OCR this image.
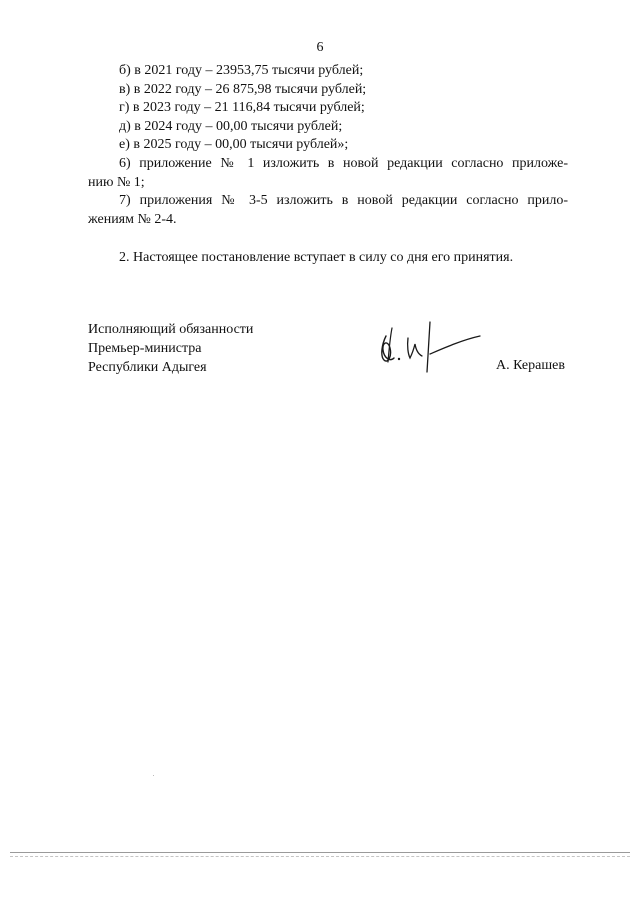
6

б) в 2021 году – 23953,75 тысячи рублей;

в) в 2022 году – 26 875,98 тысячи рублей;

г) в 2023 году – 21 116,84 тысячи рублей;

д) в 2024 году – 00,00 тысячи рублей;

е) в 2025 году – 00,00 тысячи рублей»;

6) приложение № 1 изложить в новой редакции согласно приложе-

нию № 1;

7) приложения № 3-5 изложить в новой редакции согласно прило-

жениям № 2-4.

2. Настоящее постановление вступает в силу со дня его принятия.

Исполняющий обязанности

Премьер-министра

Республики Адыгея	А. Керашев
